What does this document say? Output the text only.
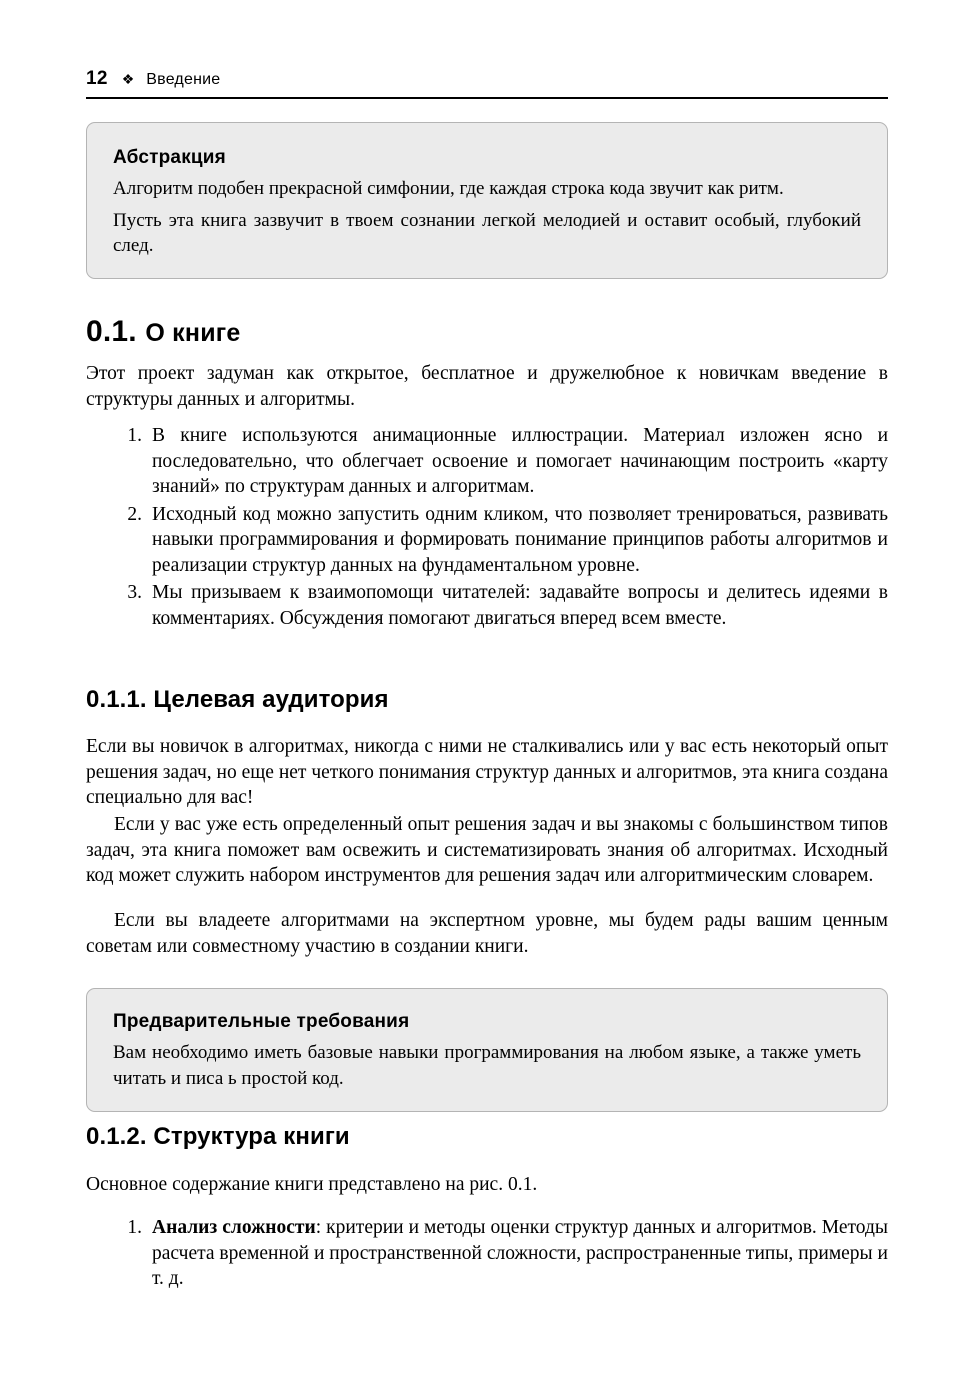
12 ❖ Введение

Абстракция

Алгоритм подобен прекрасной симфонии, где каждая строка кода звучит как ритм.

Пусть эта книга зазвучит в твоем сознании легкой мелодией и оставит особый, глубокий след.

0.1. О книге
Этот проект задуман как открытое, бесплатное и дружелюбное к новичкам введение в структуры данных и алгоритмы.
1. В книге используются анимационные иллюстрации. Материал изложен ясно и последовательно, что облегчает освоение и помогает начинающим построить «карту знаний» по структурам данных и алгоритмам.
2. Исходный код можно запустить одним кликом, что позволяет тренироваться, развивать навыки программирования и формировать понимание принципов работы алгоритмов и реализации структур данных на фундаментальном уровне.
3. Мы призываем к взаимопомощи читателей: задавайте вопросы и делитесь идеями в комментариях. Обсуждения помогают двигаться вперед всем вместе.
0.1.1. Целевая аудитория
Если вы новичок в алгоритмах, никогда с ними не сталкивались или у вас есть некоторый опыт решения задач, но еще нет четкого понимания структур данных и алгоритмов, эта книга создана специально для вас!
Если у вас уже есть определенный опыт решения задач и вы знакомы с большинством типов задач, эта книга поможет вам освежить и систематизировать знания об алгоритмах. Исходный код может служить набором инструментов для решения задач или алгоритмическим словарем.
Если вы владеете алгоритмами на экспертном уровне, мы будем рады вашим ценным советам или совместному участию в создании книги.

Предварительные требования

Вам необходимо иметь базовые навыки программирования на любом языке, а также уметь читать и писа ь простой код.

0.1.2. Структура книги
Основное содержание книги представлено на рис. 0.1.
1. Анализ сложности: критерии и методы оценки структур данных и алгоритмов. Методы расчета временной и пространственной сложности, распространенные типы, примеры и т. д.
